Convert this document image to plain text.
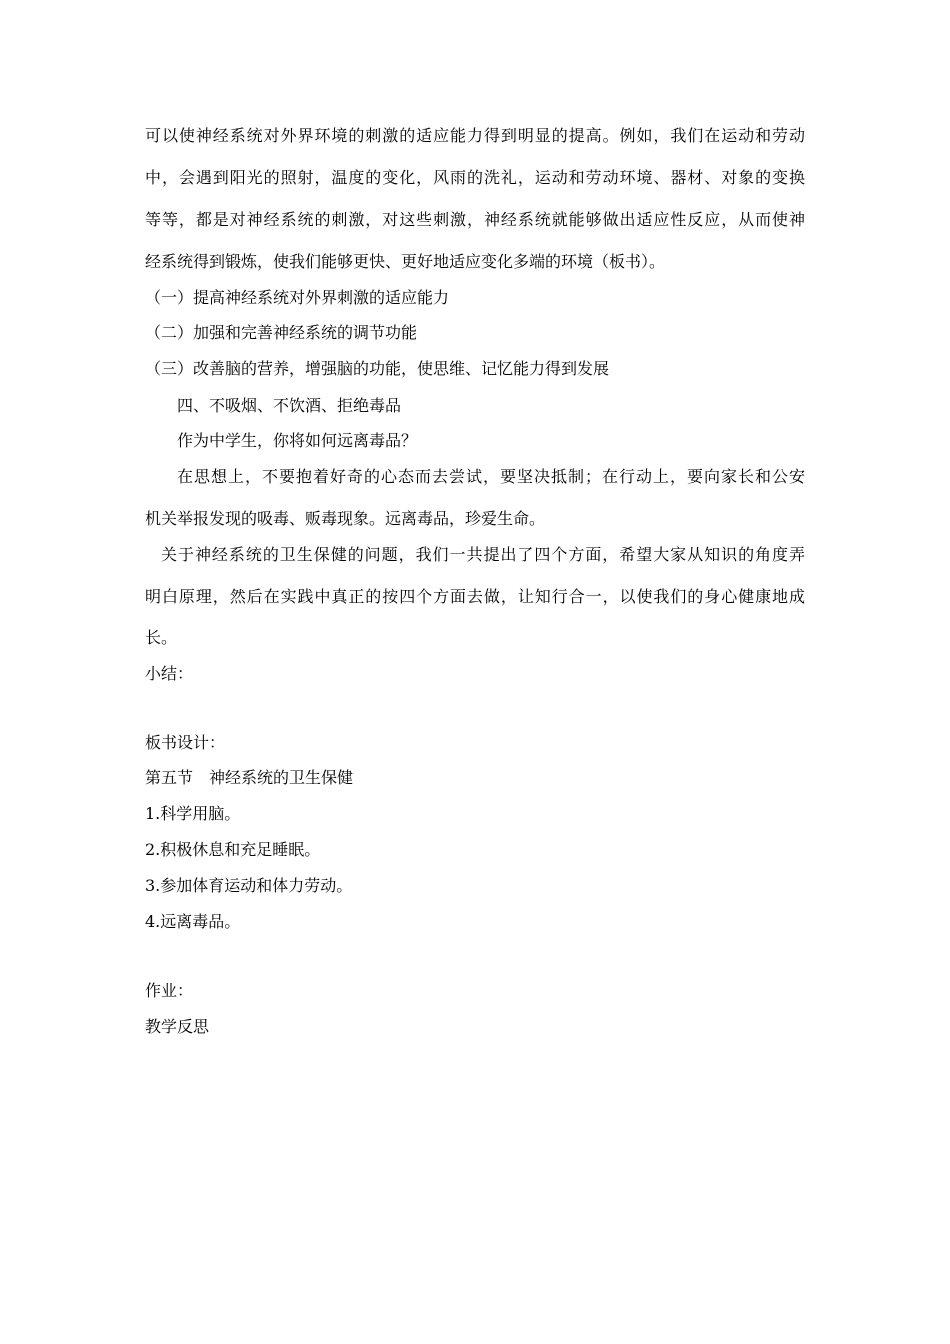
可以使神经系统对外界环境的刺激的适应能力得到明显的提高。例如，我们在运动和劳动
中，会遇到阳光的照射，温度的变化，风雨的洗礼，运动和劳动环境、器材、对象的变换
等等，都是对神经系统的刺激，对这些刺激，神经系统就能够做出适应性反应，从而使神
经系统得到锻炼，使我们能够更快、更好地适应变化多端的环境（板书）。
（一）提高神经系统对外界刺激的适应能力
（二）加强和完善神经系统的调节功能
（三）改善脑的营养，增强脑的功能，使思维、记忆能力得到发展
四、不吸烟、不饮酒、拒绝毒品
作为中学生，你将如何远离毒品？
在思想上，不要抱着好奇的心态而去尝试，要坚决抵制；在行动上，要向家长和公安
机关举报发现的吸毒、贩毒现象。远离毒品，珍爱生命。
关于神经系统的卫生保健的问题，我们一共提出了四个方面，希望大家从知识的角度弄
明白原理，然后在实践中真正的按四个方面去做，让知行合一，以使我们的身心健康地成
长。
小结：
板书设计：
第五节　神经系统的卫生保健
1.科学用脑。
2.积极休息和充足睡眠。
3.参加体育运动和体力劳动。
4.远离毒品。
作业：
教学反思
